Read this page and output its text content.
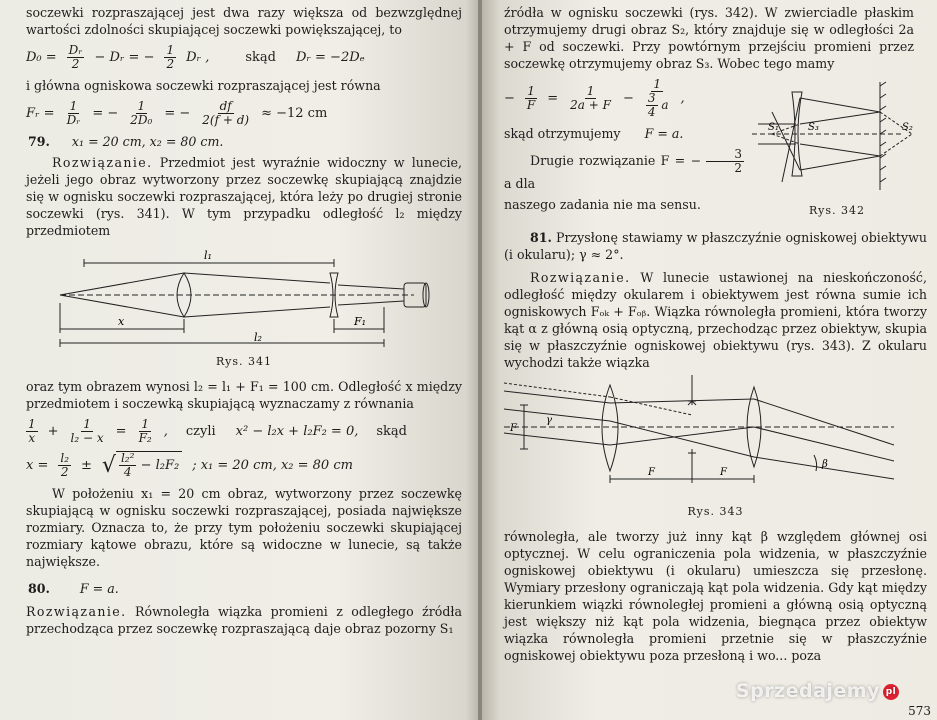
soczewki rozpraszającej jest dwa razy większa od bezwzględnej wartości zdolności skupiającej soczewki powiększającej, to

$D_0 = \frac{\text{Dᵣ}}{2}$ − Dᵣ = − $\frac{1}{2}$ Dᵣ ,	skąd Dᵣ = −2Dₑ

i główna ogniskowa soczewki rozpraszającej jest równa

Fᵣ = $\frac{1}{\text{Dᵣ}}$ = − $\frac{1}{\text{2D₀}}$ = − $\frac{df}{2(f + d)} \approx -12$ cm
79. x₁ = 20 cm, x₂ = 80 cm.

Rozwiązanie. Przedmiot jest wyraźnie widoczny w lunecie, jeżeli jego obraz wytworzony przez soczewkę skupiającą znajdzie się w ognisku soczewki rozpraszającej, która leży po drugiej stronie soczewki (rys. 341). W tym przypadku odległość l₂ między przedmiotem

l₁
x	F₁
l₂
Rys. 341

oraz tym obrazem wynosi l₂ = l₁ + F₁ = 100 cm. Odległość x między przedmiotem i soczewką skupiającą wyznaczamy z równania

$\frac{1}{x} + \frac{1}{\text{l₂ − x}} = \frac{1}{\text{F₂}}$ , czyli x² − l₂x + l₂F₂ = 0, skąd
$x = \frac{\text{l₂}}{2}$ ± √ $\frac{\text{l₂²}}{4} - l_2F_2$ ; x₁ = 20 cm, x₂ = 80 cm

W położeniu x₁ = 20 cm obraz, wytworzony przez soczewkę skupiającą w ognisku soczewki rozpraszającej, posiada największe rozmiary. Oznacza to, że przy tym położeniu soczewki skupiającej rozmiary kątowe obrazu, które są widoczne w lunecie, są także największe.

80. F = a.

Rozwiązanie. Równoległa wiązka promieni z odległego źródła przechodząca przez soczewkę rozpraszającą daje obraz pozorny S₁

źródła w ognisku soczewki (rys. 342). W zwierciadle płaskim otrzymujemy drugi obraz S₂, który znajduje się w odległości 2a + F od soczewki. Przy powtórnym przejściu promieni przez soczewkę otrzymujemy obraz S₃. Wobec tego mamy

− $\frac{1}{F} = \frac{1}{2a + F} - \frac{1}{\frac{3}{4} a}$ ,

skąd otrzymujemy F = a.

Drugie rozwiązanie F = − $\frac{3}{2}$
a dla

naszego zadania nie ma sensu.

S₁	S₃	S₂
Rys. 342

81. Przysłonę stawiamy w płaszczyźnie ogniskowej obiektywu (i okularu); γ ≈ 2°.

Rozwiązanie. W lunecie ustawionej na nieskończoność, odległość między okularem i obiektywem jest równa sumie ich ogniskowych Fₒₖ + Fₒᵦ. Wiązka równoległa promieni, która tworzy kąt α z główną osią optyczną, przechodząc przez obiektyw, skupia się w płaszczyźnie ogniskowej obiektywu (rys. 343). Z okularu wychodzi także wiązka

F
γ
F	F
β
Rys. 343

równoległa, ale tworzy już inny kąt β względem głównej osi optycznej. W celu ograniczenia pola widzenia, w płaszczyźnie ogniskowej obiektywu (i okularu) umieszcza się przesłonę. Wymiary przesłony ograniczają kąt pola widzenia. Gdy kąt między kierunkiem wiązki równoległej promieni a główną osią optyczną jest większy niż kąt pola widzenia, biegnąca przez obiektyw wiązka równoległa promieni przetnie się w płaszczyźnie ogniskowej obiektywu poza przesłoną i wo... poza

573
Sprzedajemy pl
